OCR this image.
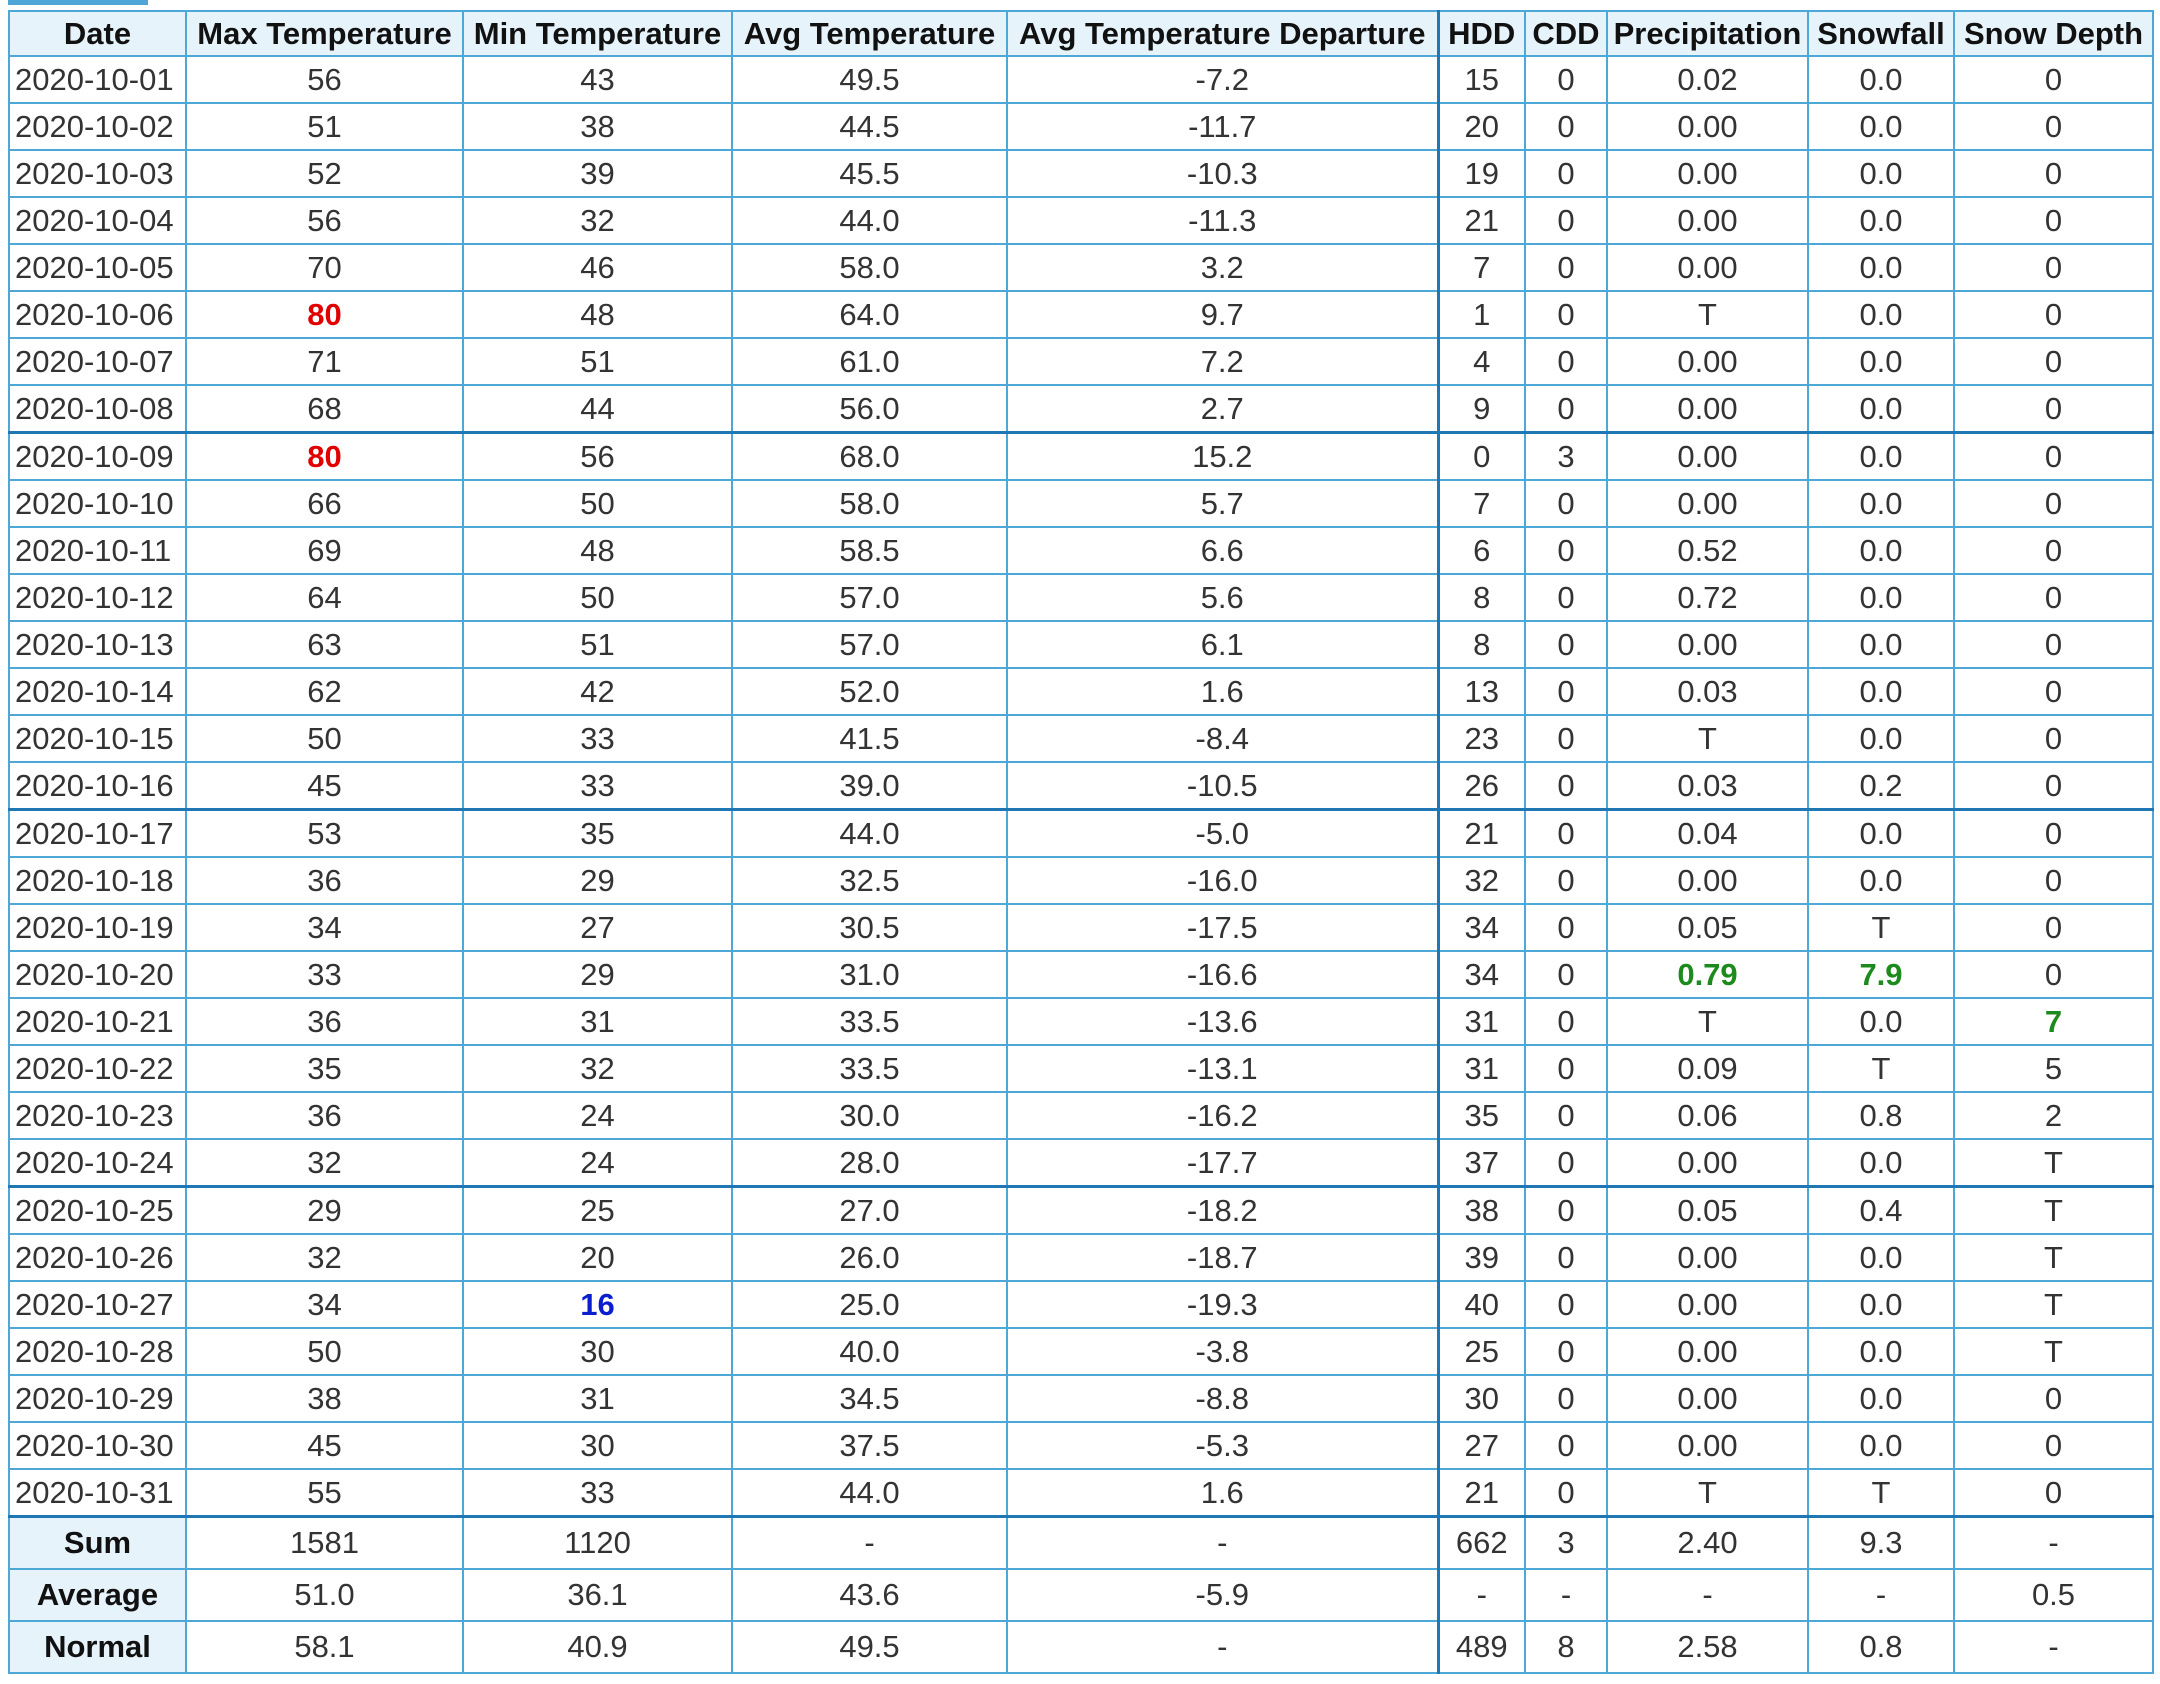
Date	Max Temperature	Min Temperature	Avg Temperature	Avg Temperature Departure	HDD	CDD	Precipitation	Snowfall	Snow Depth
2020-10-01	56	43	49.5	-7.2	15	0	0.02	0.0	0
2020-10-02	51	38	44.5	-11.7	20	0	0.00	0.0	0
2020-10-03	52	39	45.5	-10.3	19	0	0.00	0.0	0
2020-10-04	56	32	44.0	-11.3	21	0	0.00	0.0	0
2020-10-05	70	46	58.0	3.2	7	0	0.00	0.0	0
2020-10-06	80	48	64.0	9.7	1	0	T	0.0	0
2020-10-07	71	51	61.0	7.2	4	0	0.00	0.0	0
2020-10-08	68	44	56.0	2.7	9	0	0.00	0.0	0
2020-10-09	80	56	68.0	15.2	0	3	0.00	0.0	0
2020-10-10	66	50	58.0	5.7	7	0	0.00	0.0	0
2020-10-11	69	48	58.5	6.6	6	0	0.52	0.0	0
2020-10-12	64	50	57.0	5.6	8	0	0.72	0.0	0
2020-10-13	63	51	57.0	6.1	8	0	0.00	0.0	0
2020-10-14	62	42	52.0	1.6	13	0	0.03	0.0	0
2020-10-15	50	33	41.5	-8.4	23	0	T	0.0	0
2020-10-16	45	33	39.0	-10.5	26	0	0.03	0.2	0
2020-10-17	53	35	44.0	-5.0	21	0	0.04	0.0	0
2020-10-18	36	29	32.5	-16.0	32	0	0.00	0.0	0
2020-10-19	34	27	30.5	-17.5	34	0	0.05	T	0
2020-10-20	33	29	31.0	-16.6	34	0	0.79	7.9	0
2020-10-21	36	31	33.5	-13.6	31	0	T	0.0	7
2020-10-22	35	32	33.5	-13.1	31	0	0.09	T	5
2020-10-23	36	24	30.0	-16.2	35	0	0.06	0.8	2
2020-10-24	32	24	28.0	-17.7	37	0	0.00	0.0	T
2020-10-25	29	25	27.0	-18.2	38	0	0.05	0.4	T
2020-10-26	32	20	26.0	-18.7	39	0	0.00	0.0	T
2020-10-27	34	16	25.0	-19.3	40	0	0.00	0.0	T
2020-10-28	50	30	40.0	-3.8	25	0	0.00	0.0	T
2020-10-29	38	31	34.5	-8.8	30	0	0.00	0.0	0
2020-10-30	45	30	37.5	-5.3	27	0	0.00	0.0	0
2020-10-31	55	33	44.0	1.6	21	0	T	T	0
Sum	1581	1120	-	-	662	3	2.40	9.3	-
Average	51.0	36.1	43.6	-5.9	-	-	-	-	0.5
Normal	58.1	40.9	49.5	-	489	8	2.58	0.8	-
